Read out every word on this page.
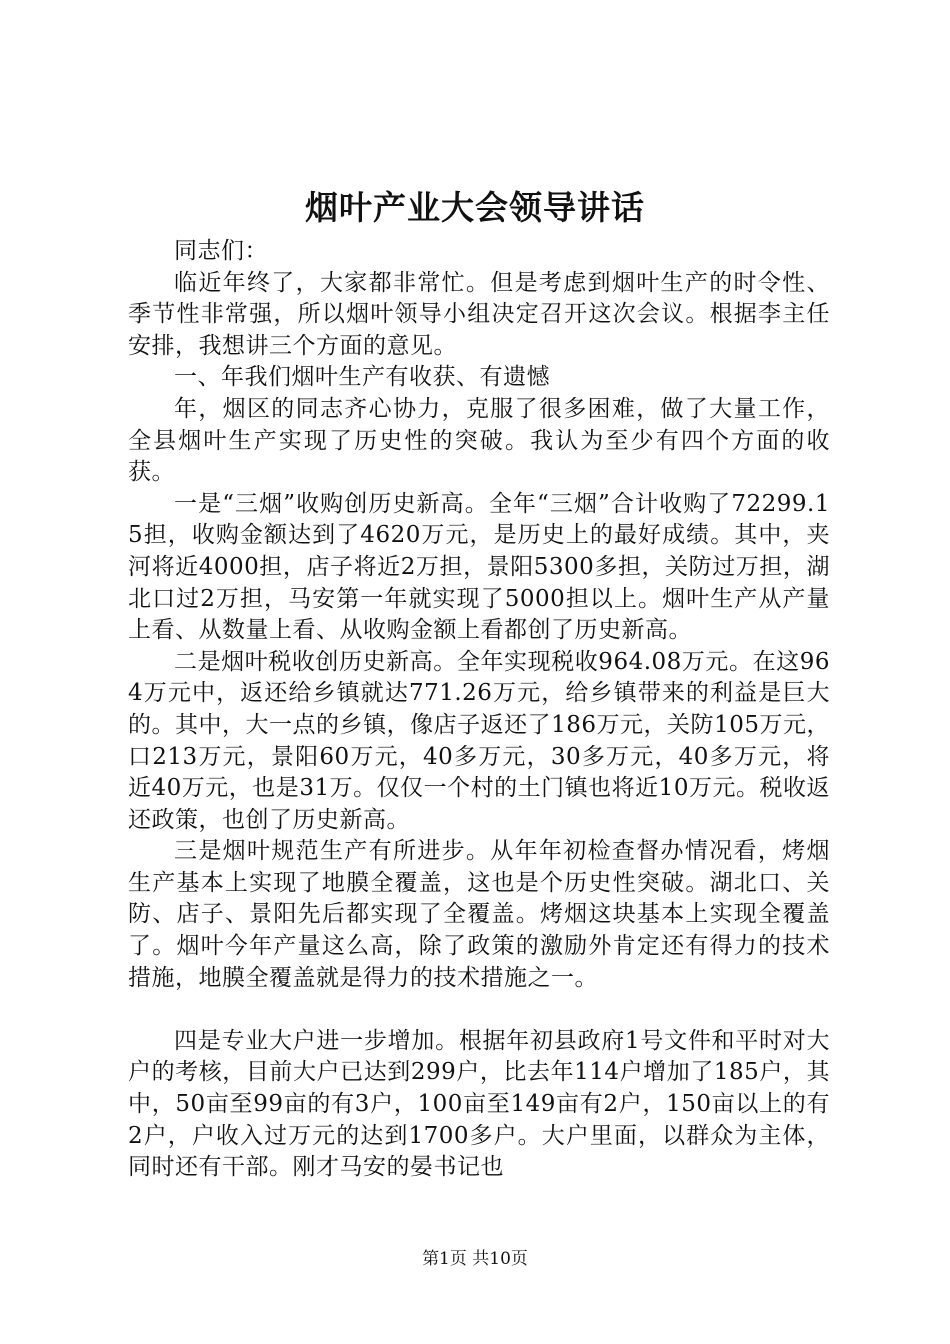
烟叶产业大会领导讲话

同志们：

临近年终了，大家都非常忙。但是考虑到烟叶生产的时令性、季节性非常强，所以烟叶领导小组决定召开这次会议。根据李主任安排，我想讲三个方面的意见。

一、年我们烟叶生产有收获、有遗憾

年，烟区的同志齐心协力，克服了很多困难，做了大量工作，全县烟叶生产实现了历史性的突破。我认为至少有四个方面的收获。

一是“三烟”收购创历史新高。全年“三烟”合计收购了72299.15担，收购金额达到了4620万元，是历史上的最好成绩。其中，夹河将近4000担，店子将近2万担，景阳5300多担，关防过万担，湖北口过2万担，马安第一年就实现了5000担以上。烟叶生产从产量上看、从数量上看、从收购金额上看都创了历史新高。

二是烟叶税收创历史新高。全年实现税收964.08万元。在这964万元中，返还给乡镇就达771.26万元，给乡镇带来的利益是巨大的。其中，大一点的乡镇，像店子返还了186万元，关防105万元，口213万元，景阳60万元，40多万元，30多万元，40多万元，将近40万元，也是31万。仅仅一个村的土门镇也将近10万元。税收返还政策，也创了历史新高。

三是烟叶规范生产有所进步。从年年初检查督办情况看，烤烟生产基本上实现了地膜全覆盖，这也是个历史性突破。湖北口、关防、店子、景阳先后都实现了全覆盖。烤烟这块基本上实现全覆盖了。烟叶今年产量这么高，除了政策的激励外肯定还有得力的技术措施，地膜全覆盖就是得力的技术措施之一。

四是专业大户进一步增加。根据年初县政府1号文件和平时对大户的考核，目前大户已达到299户，比去年114户增加了185户，其中，50亩至99亩的有3户，100亩至149亩有2户，150亩以上的有2户，户收入过万元的达到1700多户。大户里面，以群众为主体，同时还有干部。刚才马安的晏书记也

第1页 共10页
